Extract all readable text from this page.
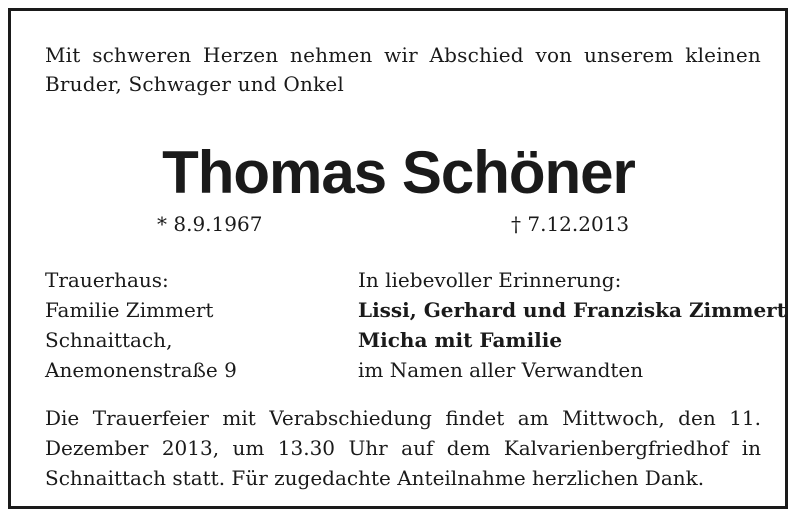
Mit schweren Herzen nehmen wir Abschied von unserem kleinen
Bruder, Schwager und Onkel
Thomas Schöner
* 8.9.1967	† 7.12.2013
Trauerhaus:
Familie Zimmert
Schnaittach,
Anemonenstraße 9
In liebevoller Erinnerung:
Lissi, Gerhard und Franziska Zimmert
Micha mit Familie
im Namen aller Verwandten
Die Trauerfeier mit Verabschiedung findet am Mittwoch, den 11.
Dezember 2013, um 13.30 Uhr auf dem Kalvarienbergfriedhof in
Schnaittach statt. Für zugedachte Anteilnahme herzlichen Dank.
